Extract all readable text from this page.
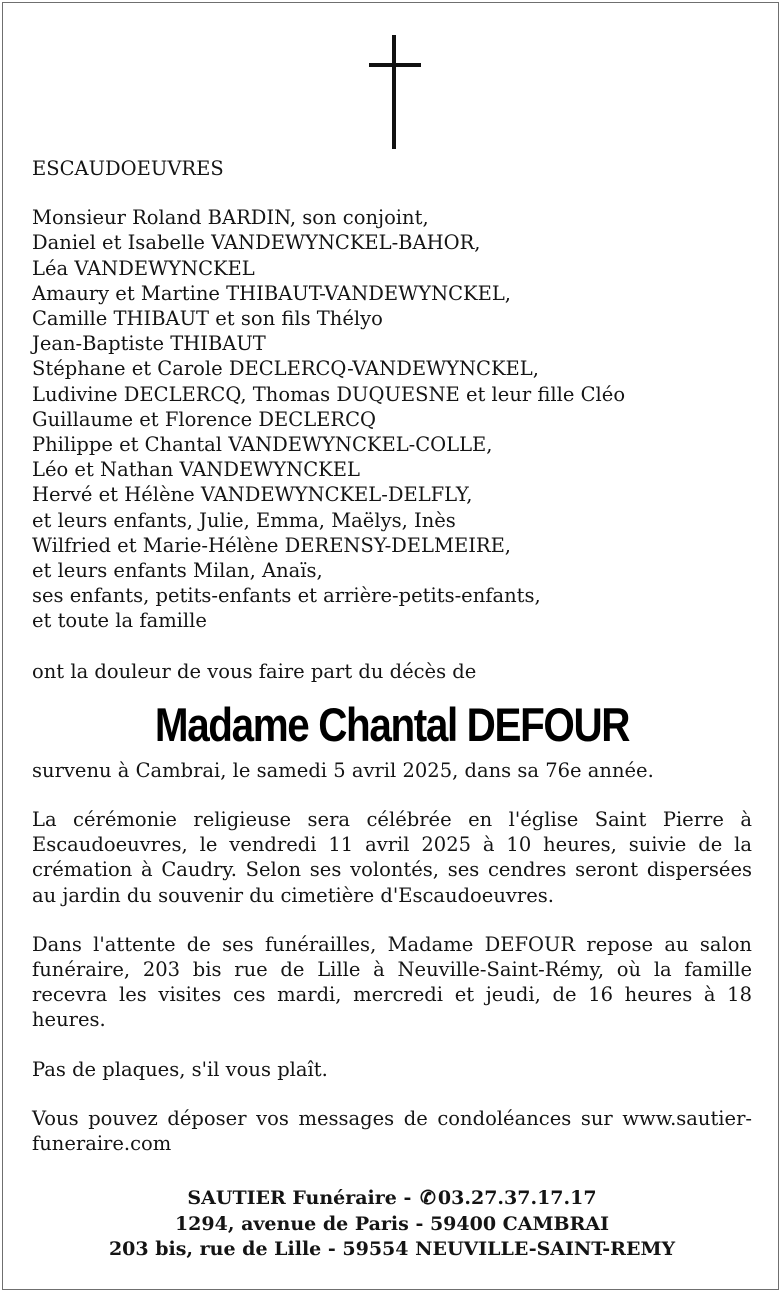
ESCAUDOEUVRES
Monsieur Roland BARDIN, son conjoint,
Daniel et Isabelle VANDEWYNCKEL-BAHOR,
Léa VANDEWYNCKEL
Amaury et Martine THIBAUT-VANDEWYNCKEL,
Camille THIBAUT et son fils Thélyo
Jean-Baptiste THIBAUT
Stéphane et Carole DECLERCQ-VANDEWYNCKEL,
Ludivine DECLERCQ, Thomas DUQUESNE et leur fille Cléo
Guillaume et Florence DECLERCQ
Philippe et Chantal VANDEWYNCKEL-COLLE,
Léo et Nathan VANDEWYNCKEL
Hervé et Hélène VANDEWYNCKEL-DELFLY,
et leurs enfants, Julie, Emma, Maëlys, Inès
Wilfried et Marie-Hélène DERENSY-DELMEIRE,
et leurs enfants Milan, Anaïs,
ses enfants, petits-enfants et arrière-petits-enfants,
et toute la famille
ont la douleur de vous faire part du décès de
Madame Chantal DEFOUR
survenu à Cambrai, le samedi 5 avril 2025, dans sa 76e année.
La cérémonie religieuse sera célébrée en l'église Saint Pierre à Escaudoeuvres, le vendredi 11 avril 2025 à 10 heures, suivie de la crémation à Caudry. Selon ses volontés, ses cendres seront dispersées au jardin du souvenir du cimetière d'Escaudoeuvres.
Dans l'attente de ses funérailles, Madame DEFOUR repose au salon funéraire, 203 bis rue de Lille à Neuville-Saint-Rémy, où la famille recevra les visites ces mardi, mercredi et jeudi, de 16 heures à 18 heures.
Pas de plaques, s'il vous plaît.
Vous pouvez déposer vos messages de condoléances sur www.sautier-funeraire.com
SAUTIER Funéraire - ✆ 03.27.37.17.17
1294, avenue de Paris - 59400 CAMBRAI
203 bis, rue de Lille - 59554 NEUVILLE-SAINT-REMY
